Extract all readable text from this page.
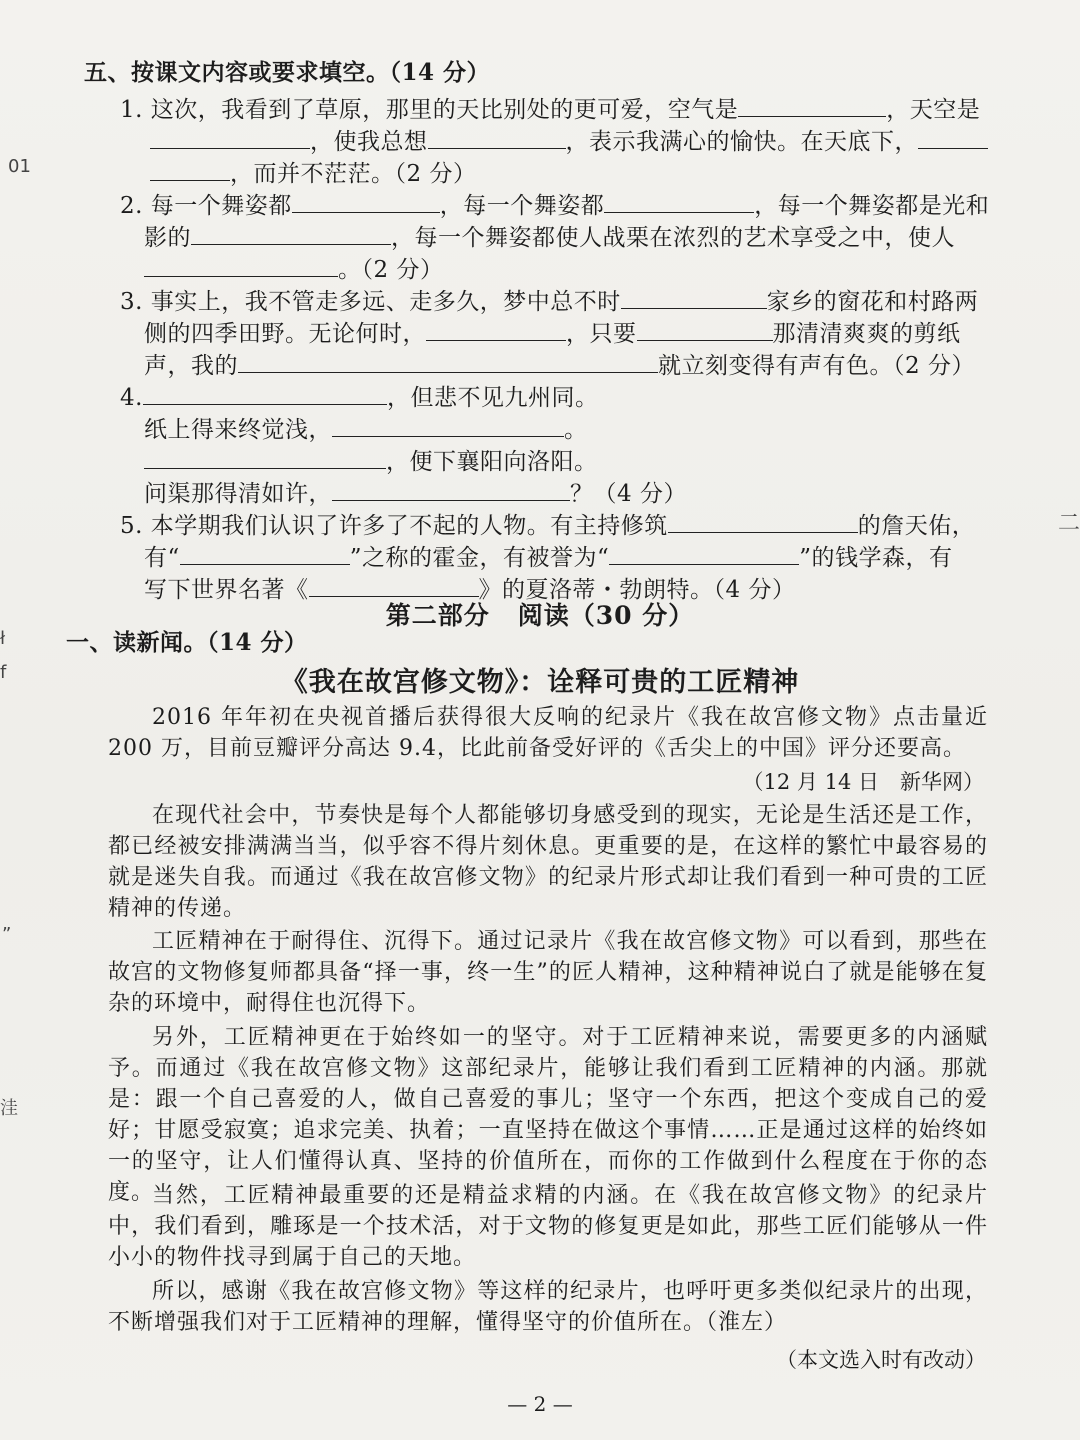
01
ł
f
”
洼
二
五、按课文内容或要求填空。（14 分）
1. 这次，我看到了草原，那里的天比别处的更可爱，空气是	，天空是
，使我总想	，表示我满心的愉快。在天底下，
，而并不茫茫。（2 分）
2. 每一个舞姿都	，每一个舞姿都	，每一个舞姿都是光和
影的	，每一个舞姿都使人战栗在浓烈的艺术享受之中，使人
。（2 分）
3. 事实上，我不管走多远、走多久，梦中总不时	家乡的窗花和村路两
侧的四季田野。无论何时，	，只要	那清清爽爽的剪纸
声，我的	就立刻变得有声有色。（2 分）
4.	，但悲不见九州同。
纸上得来终觉浅，	。
，便下襄阳向洛阳。
问渠那得清如许，	？（4 分）
5. 本学期我们认识了许多了不起的人物。有主持修筑	的詹天佑，
有“	”之称的霍金，有被誉为“	”的钱学森，有
写下世界名著《	》的夏洛蒂・勃朗特。（4 分）
第二部分 阅读（30 分）
一、读新闻。（14 分）
《我在故宫修文物》：诠释可贵的工匠精神
2016 年年初在央视首播后获得很大反响的纪录片《我在故宫修文物》点击量近 200 万，目前豆瓣评分高达 9.4，比此前备受好评的《舌尖上的中国》评分还要高。
（12 月 14 日　新华网）
在现代社会中，节奏快是每个人都能够切身感受到的现实，无论是生活还是工作，都已经被安排满满当当，似乎容不得片刻休息。更重要的是，在这样的繁忙中最容易的就是迷失自我。而通过《我在故宫修文物》的纪录片形式却让我们看到一种可贵的工匠精神的传递。
工匠精神在于耐得住、沉得下。通过记录片《我在故宫修文物》可以看到，那些在故宫的文物修复师都具备“择一事，终一生”的匠人精神，这种精神说白了就是能够在复杂的环境中，耐得住也沉得下。
另外，工匠精神更在于始终如一的坚守。对于工匠精神来说，需要更多的内涵赋予。而通过《我在故宫修文物》这部纪录片，能够让我们看到工匠精神的内涵。那就是：跟一个自己喜爱的人，做自己喜爱的事儿；坚守一个东西，把这个变成自己的爱好；甘愿受寂寞；追求完美、执着；一直坚持在做这个事情……正是通过这样的始终如一的坚守，让人们懂得认真、坚持的价值所在，而你的工作做到什么程度在于你的态度。
当然，工匠精神最重要的还是精益求精的内涵。在《我在故宫修文物》的纪录片中，我们看到，雕琢是一个技术活，对于文物的修复更是如此，那些工匠们能够从一件小小的物件找寻到属于自己的天地。
所以，感谢《我在故宫修文物》等这样的纪录片，也呼吁更多类似纪录片的出现，不断增强我们对于工匠精神的理解，懂得坚守的价值所在。（淮左）
（本文选入时有改动）
— 2 —
